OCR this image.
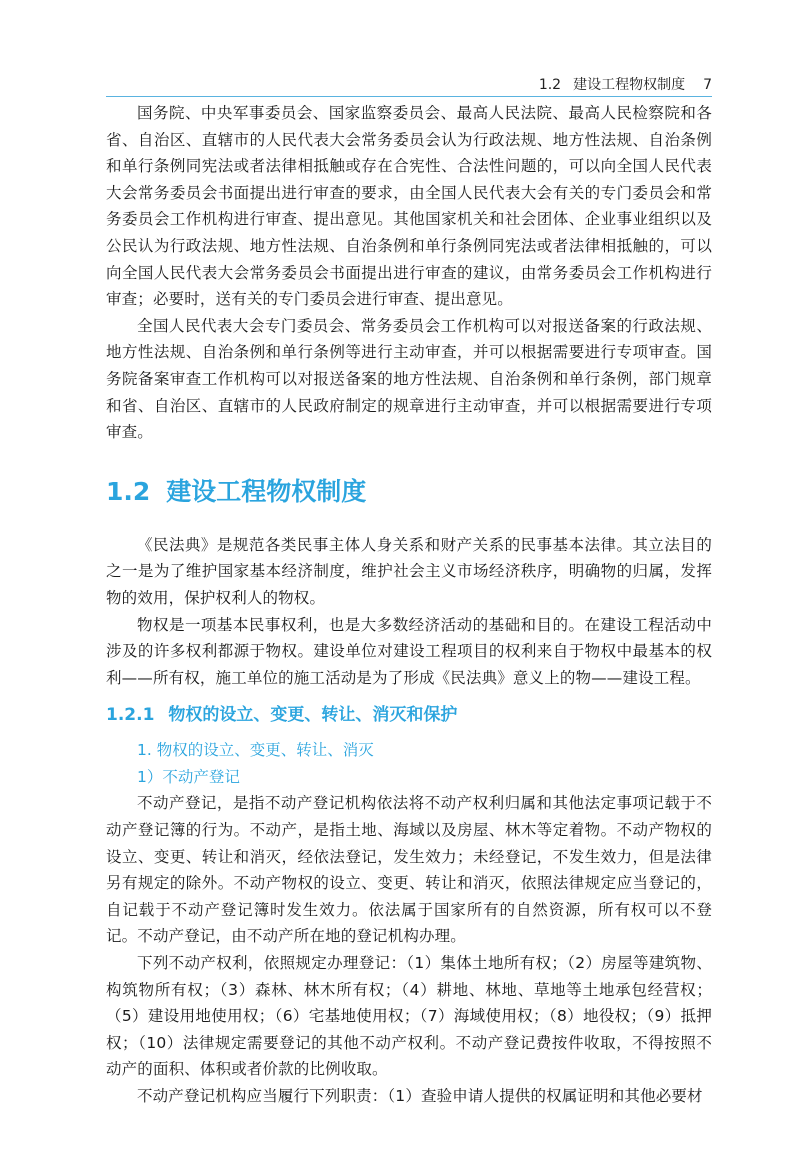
1.2 建设工程物权制度 7

国务院、中央军事委员会、国家监察委员会、最高人民法院、最高人民检察院和各省、自治区、直辖市的人民代表大会常务委员会认为行政法规、地方性法规、自治条例和单行条例同宪法或者法律相抵触或存在合宪性、合法性问题的，可以向全国人民代表大会常务委员会书面提出进行审查的要求，由全国人民代表大会有关的专门委员会和常务委员会工作机构进行审查、提出意见。其他国家机关和社会团体、企业事业组织以及公民认为行政法规、地方性法规、自治条例和单行条例同宪法或者法律相抵触的，可以向全国人民代表大会常务委员会书面提出进行审查的建议，由常务委员会工作机构进行审查；必要时，送有关的专门委员会进行审查、提出意见。

全国人民代表大会专门委员会、常务委员会工作机构可以对报送备案的行政法规、地方性法规、自治条例和单行条例等进行主动审查，并可以根据需要进行专项审查。国务院备案审查工作机构可以对报送备案的地方性法规、自治条例和单行条例，部门规章和省、自治区、直辖市的人民政府制定的规章进行主动审查，并可以根据需要进行专项审查。

1.2 建设工程物权制度

《民法典》是规范各类民事主体人身关系和财产关系的民事基本法律。其立法目的之一是为了维护国家基本经济制度，维护社会主义市场经济秩序，明确物的归属，发挥物的效用，保护权利人的物权。

物权是一项基本民事权利，也是大多数经济活动的基础和目的。在建设工程活动中涉及的许多权利都源于物权。建设单位对建设工程项目的权利来自于物权中最基本的权利——所有权，施工单位的施工活动是为了形成《民法典》意义上的物——建设工程。

1.2.1 物权的设立、变更、转让、消灭和保护
1. 物权的设立、变更、转让、消灭
1）不动产登记

不动产登记，是指不动产登记机构依法将不动产权利归属和其他法定事项记载于不动产登记簿的行为。不动产，是指土地、海域以及房屋、林木等定着物。不动产物权的设立、变更、转让和消灭，经依法登记，发生效力；未经登记，不发生效力，但是法律另有规定的除外。不动产物权的设立、变更、转让和消灭，依照法律规定应当登记的，自记载于不动产登记簿时发生效力。依法属于国家所有的自然资源，所有权可以不登记。不动产登记，由不动产所在地的登记机构办理。

下列不动产权利，依照规定办理登记：（1）集体土地所有权；（2）房屋等建筑物、构筑物所有权；（3）森林、林木所有权；（4）耕地、林地、草地等土地承包经营权；（5）建设用地使用权；（6）宅基地使用权；（7）海域使用权；（8）地役权；（9）抵押权；（10）法律规定需要登记的其他不动产权利。不动产登记费按件收取，不得按照不动产的面积、体积或者价款的比例收取。

不动产登记机构应当履行下列职责：（1）查验申请人提供的权属证明和其他必要材
